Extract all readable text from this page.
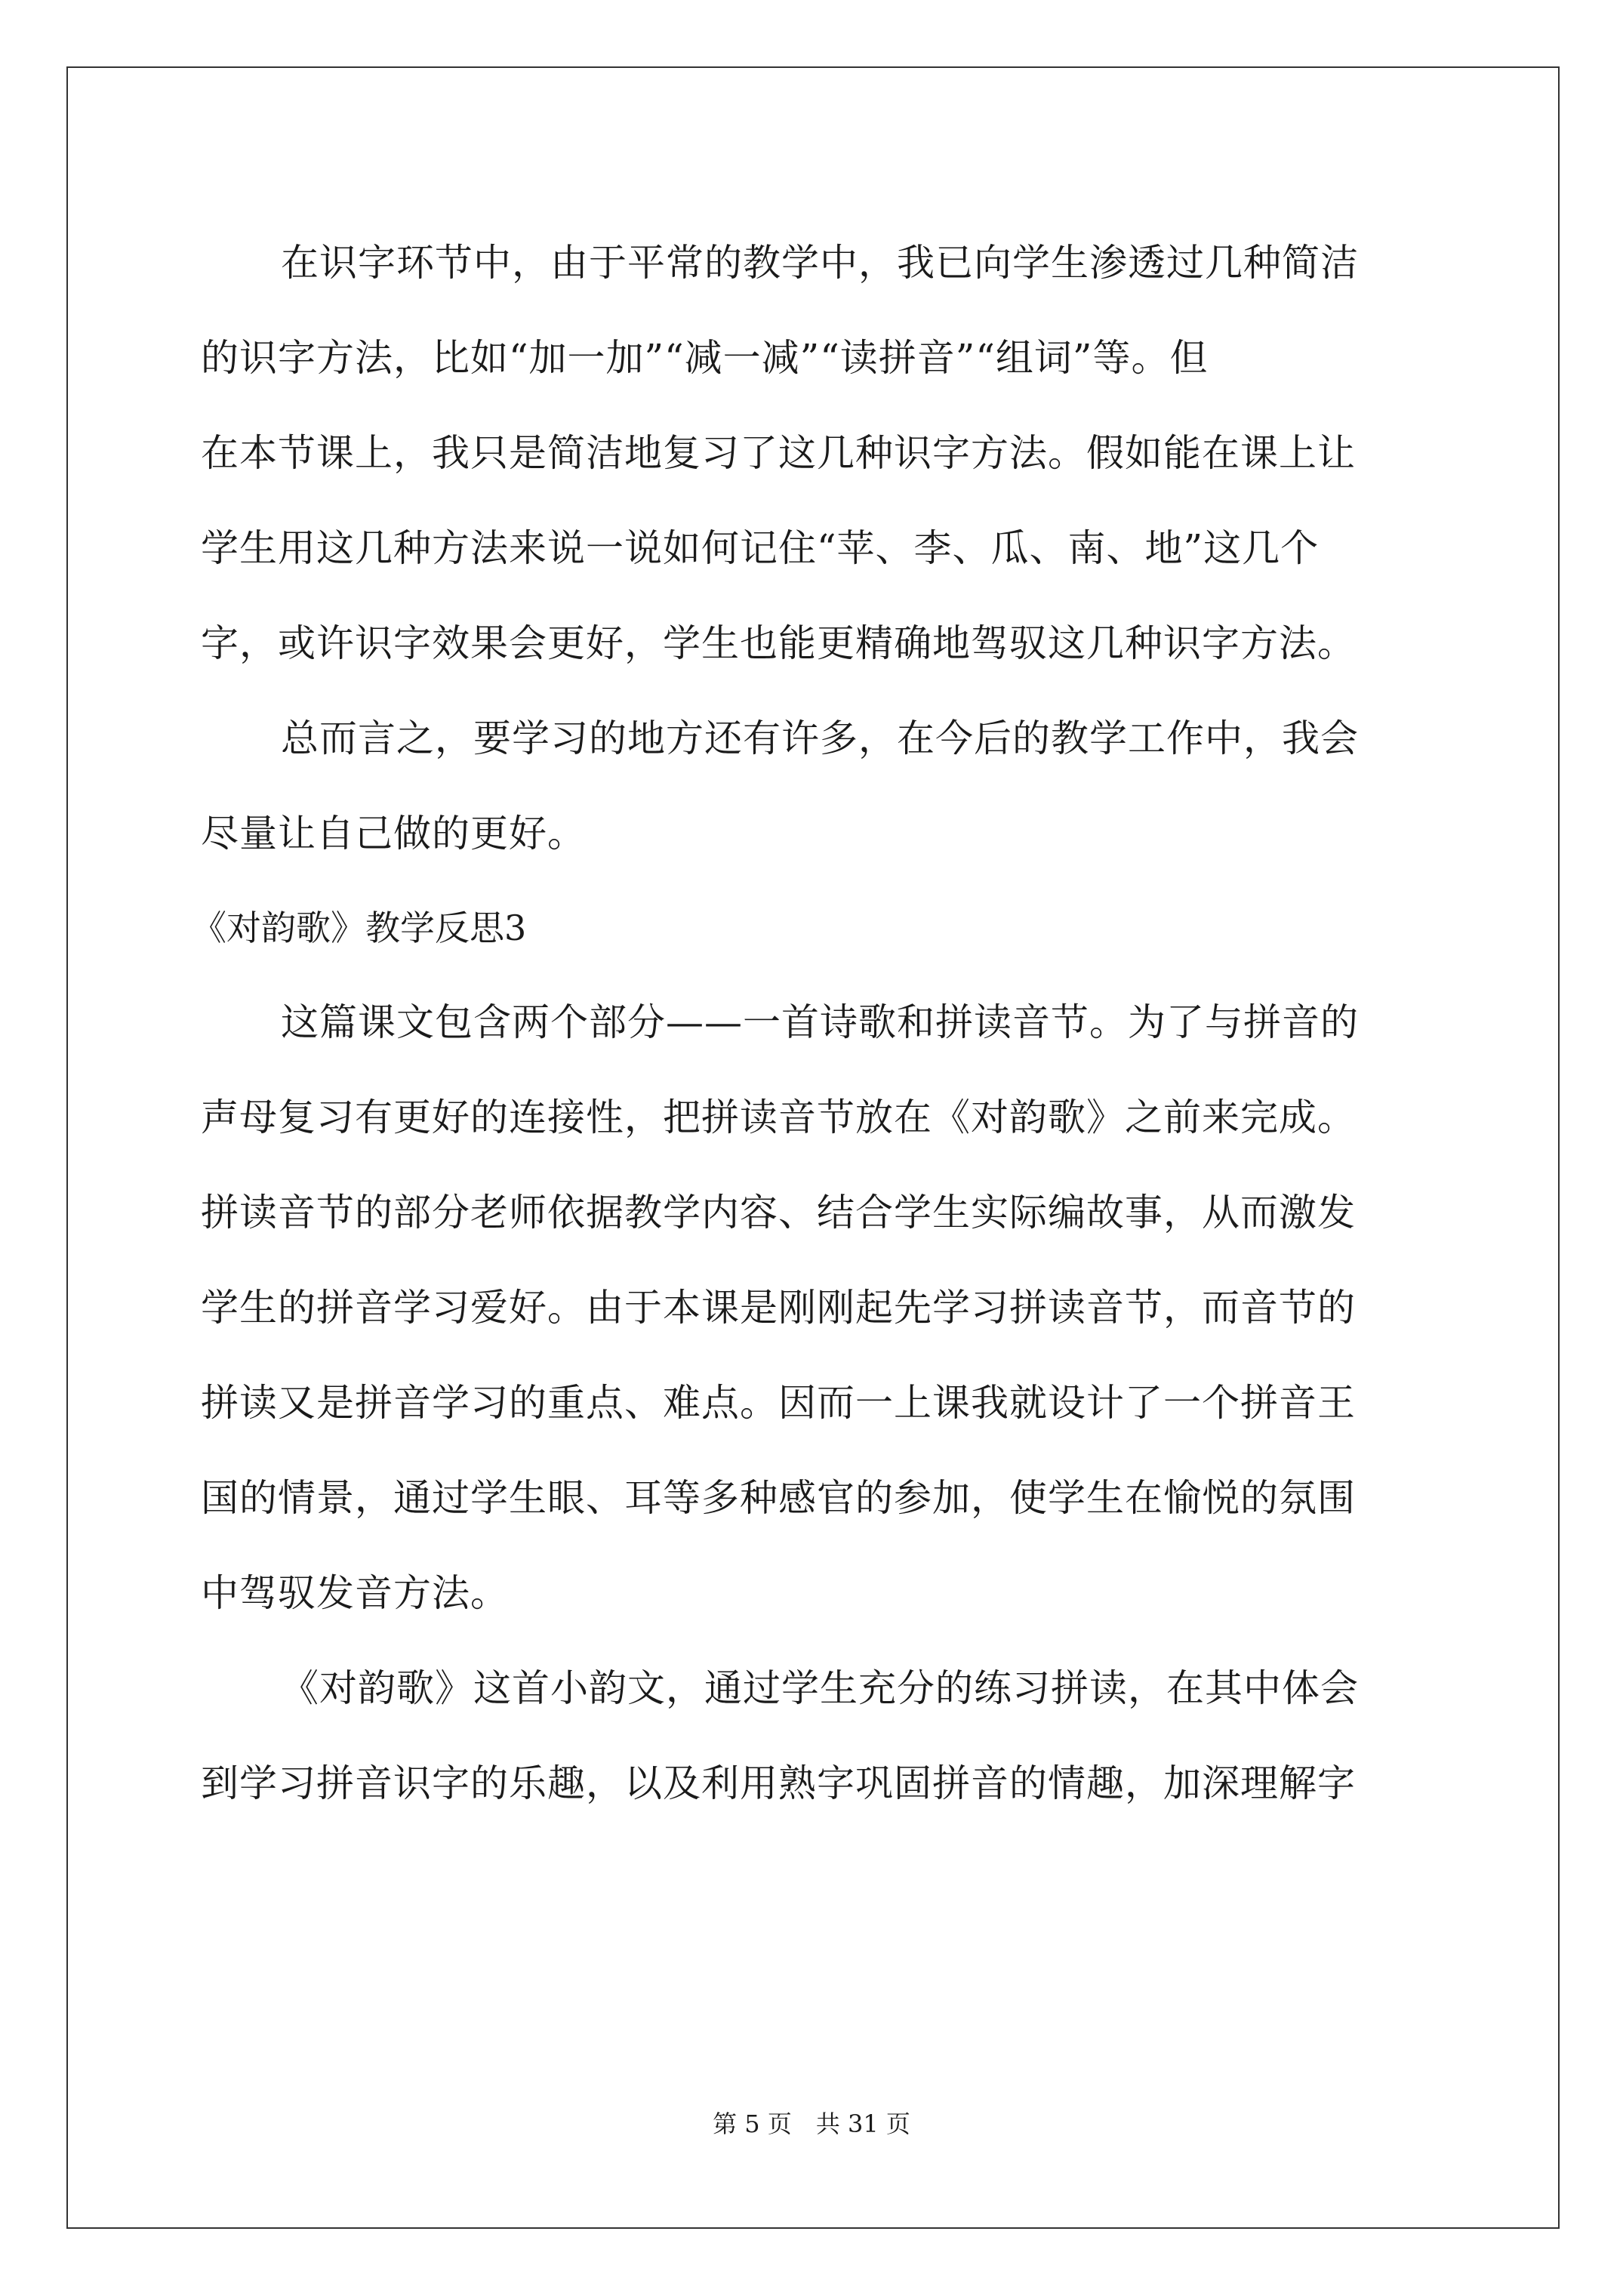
在识字环节中，由于平常的教学中，我已向学生渗透过几种简洁
的识字方法，比如“加一加”“减一减”“读拼音”“组词”等。但
在本节课上，我只是简洁地复习了这几种识字方法。假如能在课上让
学生用这几种方法来说一说如何记住“苹、李、瓜、南、地”这几个
字，或许识字效果会更好，学生也能更精确地驾驭这几种识字方法。
总而言之，要学习的地方还有许多，在今后的教学工作中，我会
尽量让自己做的更好。
《对韵歌》教学反思3
这篇课文包含两个部分——一首诗歌和拼读音节。为了与拼音的
声母复习有更好的连接性，把拼读音节放在《对韵歌》之前来完成。
拼读音节的部分老师依据教学内容、结合学生实际编故事，从而激发
学生的拼音学习爱好。由于本课是刚刚起先学习拼读音节，而音节的
拼读又是拼音学习的重点、难点。因而一上课我就设计了一个拼音王
国的情景，通过学生眼、耳等多种感官的参加，使学生在愉悦的氛围
中驾驭发音方法。
《对韵歌》这首小韵文，通过学生充分的练习拼读，在其中体会
到学习拼音识字的乐趣，以及利用熟字巩固拼音的情趣，加深理解字
第 5 页　共 31 页
